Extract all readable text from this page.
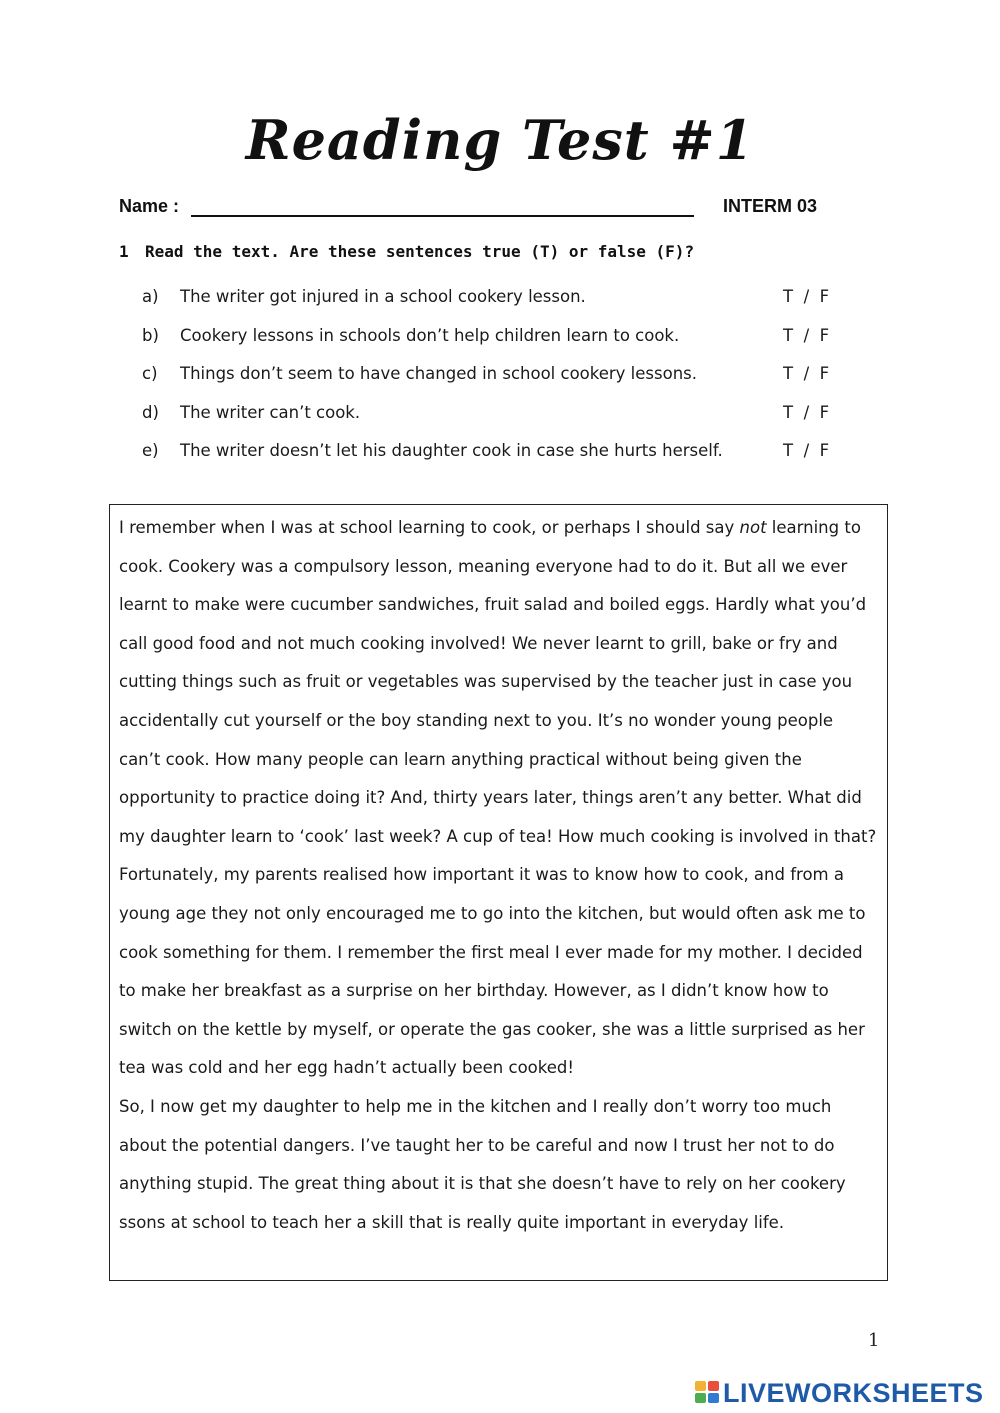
Reading Test #1
Name :	INTERM 03
1 Read the text. Are these sentences true (T) or false (F)?
a) The writer got injured in a school cookery lesson.	T  /  F
b) Cookery lessons in schools don’t help children learn to cook.	T  /  F
c) Things don’t seem to have changed in school cookery lessons.	T  /  F
d) The writer can’t cook.	T  /  F
e) The writer doesn’t let his daughter cook in case she hurts herself.	T  /  F

I remember when I was at school learning to cook, or perhaps I should say not learning to cook. Cookery was a compulsory lesson, meaning everyone had to do it. But all we ever learnt to make were cucumber sandwiches, fruit salad and boiled eggs. Hardly what you’d call good food and not much cooking involved! We never learnt to grill, bake or fry and cutting things such as fruit or vegetables was supervised by the teacher just in case you accidentally cut yourself or the boy standing next to you. It’s no wonder young people can’t cook. How many people can learn anything practical without being given the opportunity to practice doing it? And, thirty years later, things aren’t any better. What did my daughter learn to ‘cook’ last week? A cup of tea! How much cooking is involved in that?

Fortunately, my parents realised how important it was to know how to cook, and from a young age they not only encouraged me to go into the kitchen, but would often ask me to cook something for them. I remember the first meal I ever made for my mother. I decided to make her breakfast as a surprise on her birthday. However, as I didn’t know how to switch on the kettle by myself, or operate the gas cooker, she was a little surprised as her tea was cold and her egg hadn’t actually been cooked!

So, I now get my daughter to help me in the kitchen and I really don’t worry too much about the potential dangers. I’ve taught her to be careful and now I trust her not to do anything stupid. The great thing about it is that she doesn’t have to rely on her cookery ssons at school to teach her a skill that is really quite important in everyday life.

1
LIVEWORKSHEETS
